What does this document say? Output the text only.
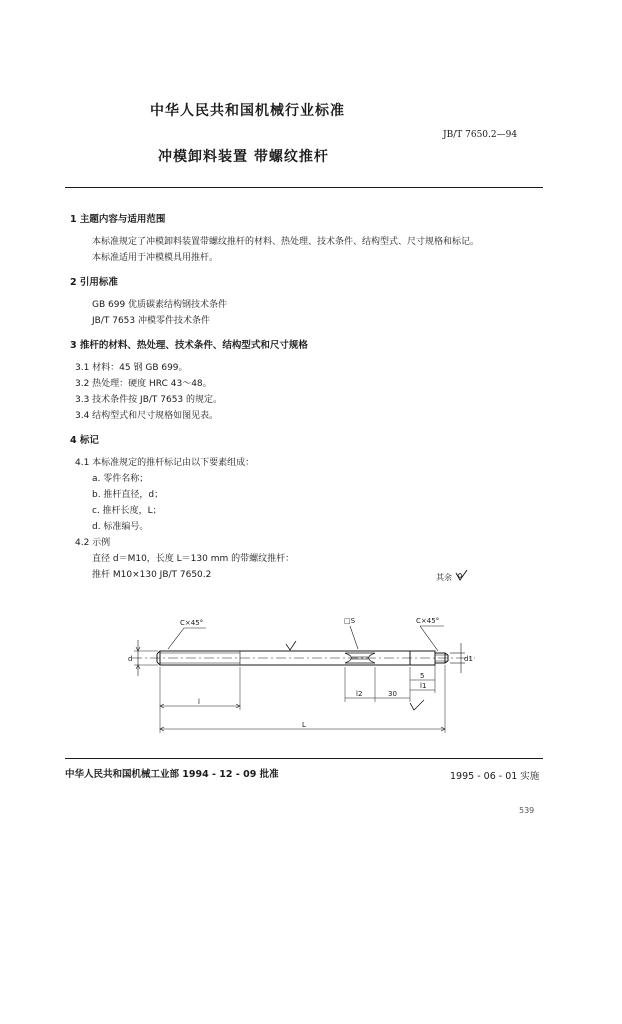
中华人民共和国机械行业标准
JB/T 7650.2—94
冲模卸料装置 带螺纹推杆
1 主题内容与适用范围
本标准规定了冲模卸料装置带螺纹推杆的材料、热处理、技术条件、结构型式、尺寸规格和标记。
本标准适用于冲模模具用推杆。
2 引用标准
GB 699 优质碳素结构钢技术条件
JB/T 7653 冲模零件技术条件
3 推杆的材料、热处理、技术条件、结构型式和尺寸规格
3.1 材料：45 钢 GB 699。
3.2 热处理：硬度 HRC 43～48。
3.3 技术条件按 JB/T 7653 的规定。
3.4 结构型式和尺寸规格如图见表。
4 标记
4.1 本标准规定的推杆标记由以下要素组成：
a. 零件名称；
b. 推杆直径，d；
c. 推杆长度，L；
d. 标准编号。
4.2 示例
直径 d＝M10，长度 L＝130 mm 的带螺纹推杆：
推杆 M10×130 JB/T 7650.2	其余
C×45°	□S	C×45°
d	d1
l
L
l2	30
l1
5
中华人民共和国机械工业部 1994 - 12 - 09 批准	1995 - 06 - 01 实施
539
